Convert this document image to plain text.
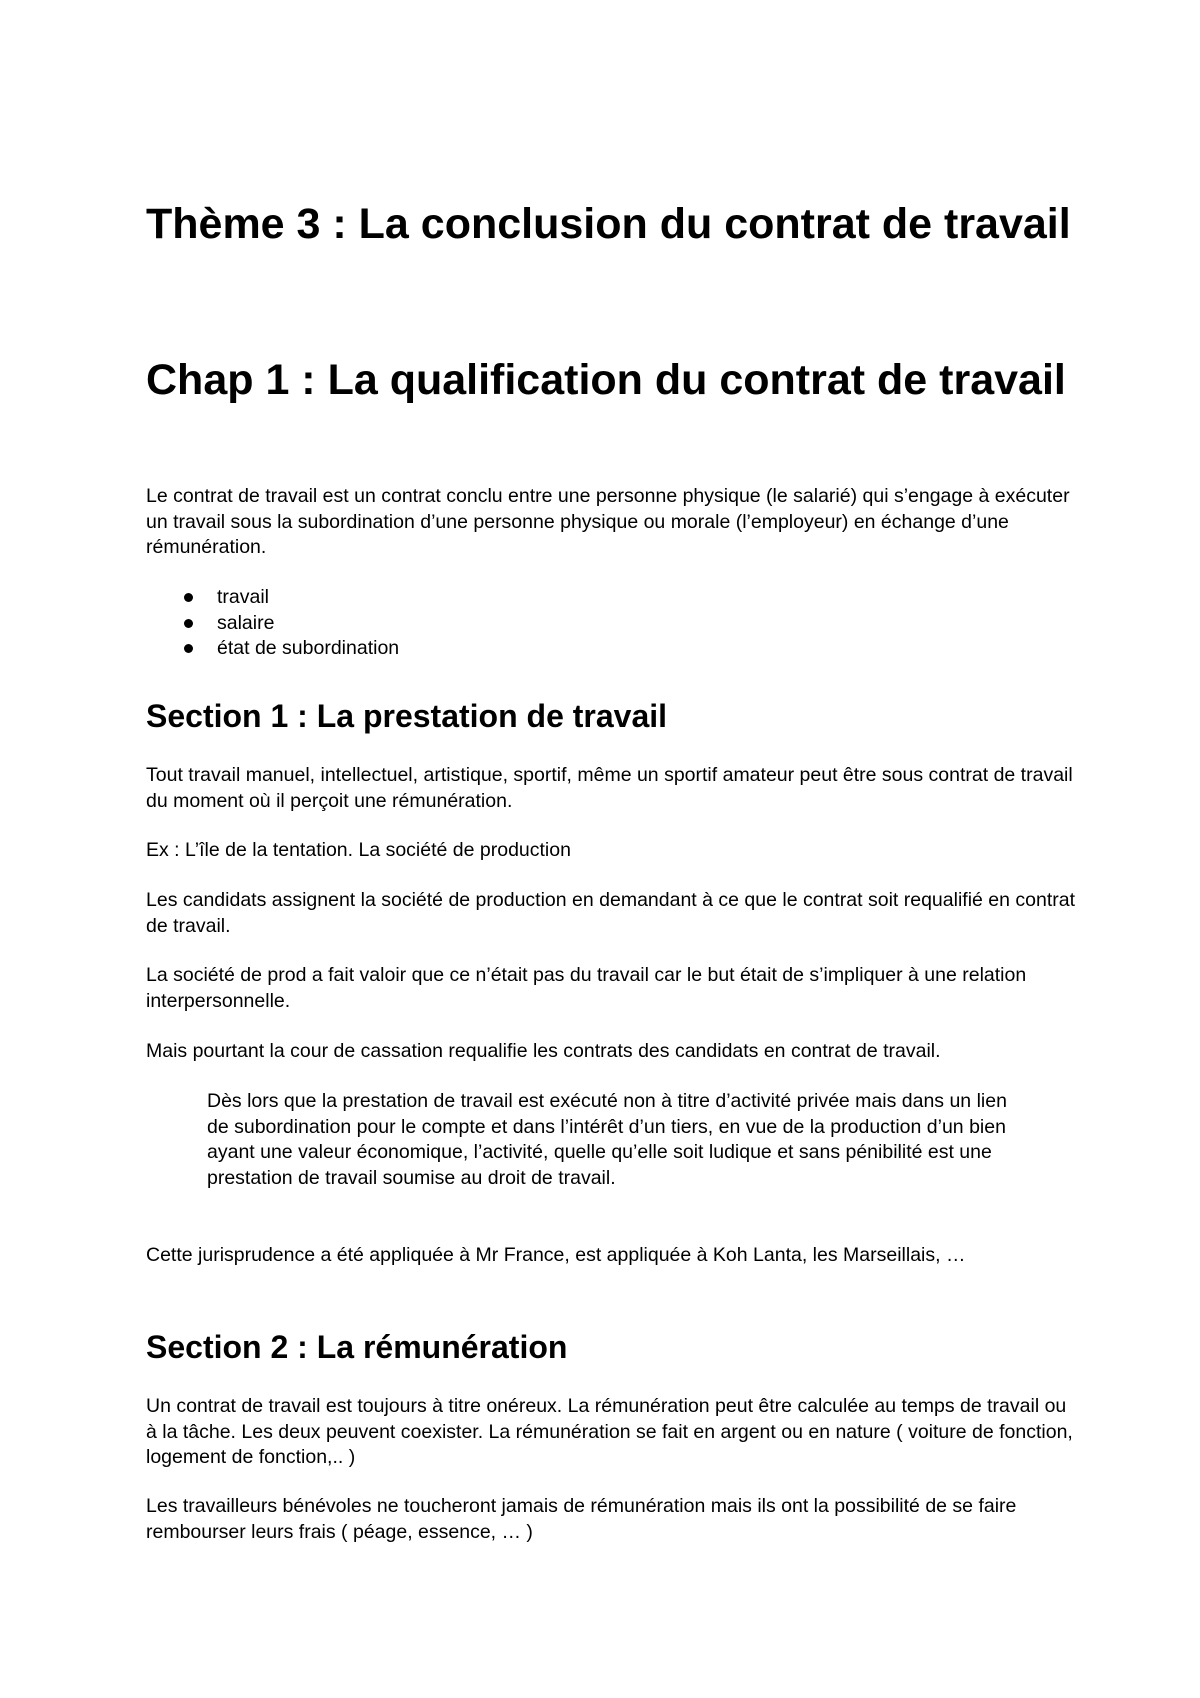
Thème 3 : La conclusion du contrat de travail
Chap 1 : La qualification du contrat de travail

Le contrat de travail est un contrat conclu entre une personne physique (le salarié) qui s’engage à exécuter un travail sous la subordination d’une personne physique ou morale (l’employeur) en échange d’une rémunération.

travail
salaire
état de subordination
Section 1 : La prestation de travail

Tout travail manuel, intellectuel, artistique, sportif, même un sportif amateur peut être sous contrat de travail du moment où il perçoit une rémunération.

Ex : L’île de la tentation. La société de production

Les candidats assignent la société de production en demandant à ce que le contrat soit requalifié en contrat de travail.

La société de prod a fait valoir que ce n’était pas du travail car le but était de s’impliquer à une relation interpersonnelle.

Mais pourtant la cour de cassation requalifie les contrats des candidats en contrat de travail.

Dès lors que la prestation de travail est exécuté non à titre d’activité privée mais dans un lien de subordination pour le compte et dans l’intérêt d’un tiers, en vue de la production d’un bien ayant une valeur économique, l’activité, quelle qu’elle soit ludique et sans pénibilité est une prestation de travail soumise au droit de travail.

Cette jurisprudence a été appliquée à Mr France, est appliquée à Koh Lanta, les Marseillais, …

Section 2 : La rémunération

Un contrat de travail est toujours à titre onéreux. La rémunération peut être calculée au temps de travail ou à la tâche. Les deux peuvent coexister. La rémunération se fait en argent ou en nature ( voiture de fonction, logement de fonction,.. )

Les travailleurs bénévoles ne toucheront jamais de rémunération mais ils ont la possibilité de se faire rembourser leurs frais ( péage, essence, … )
